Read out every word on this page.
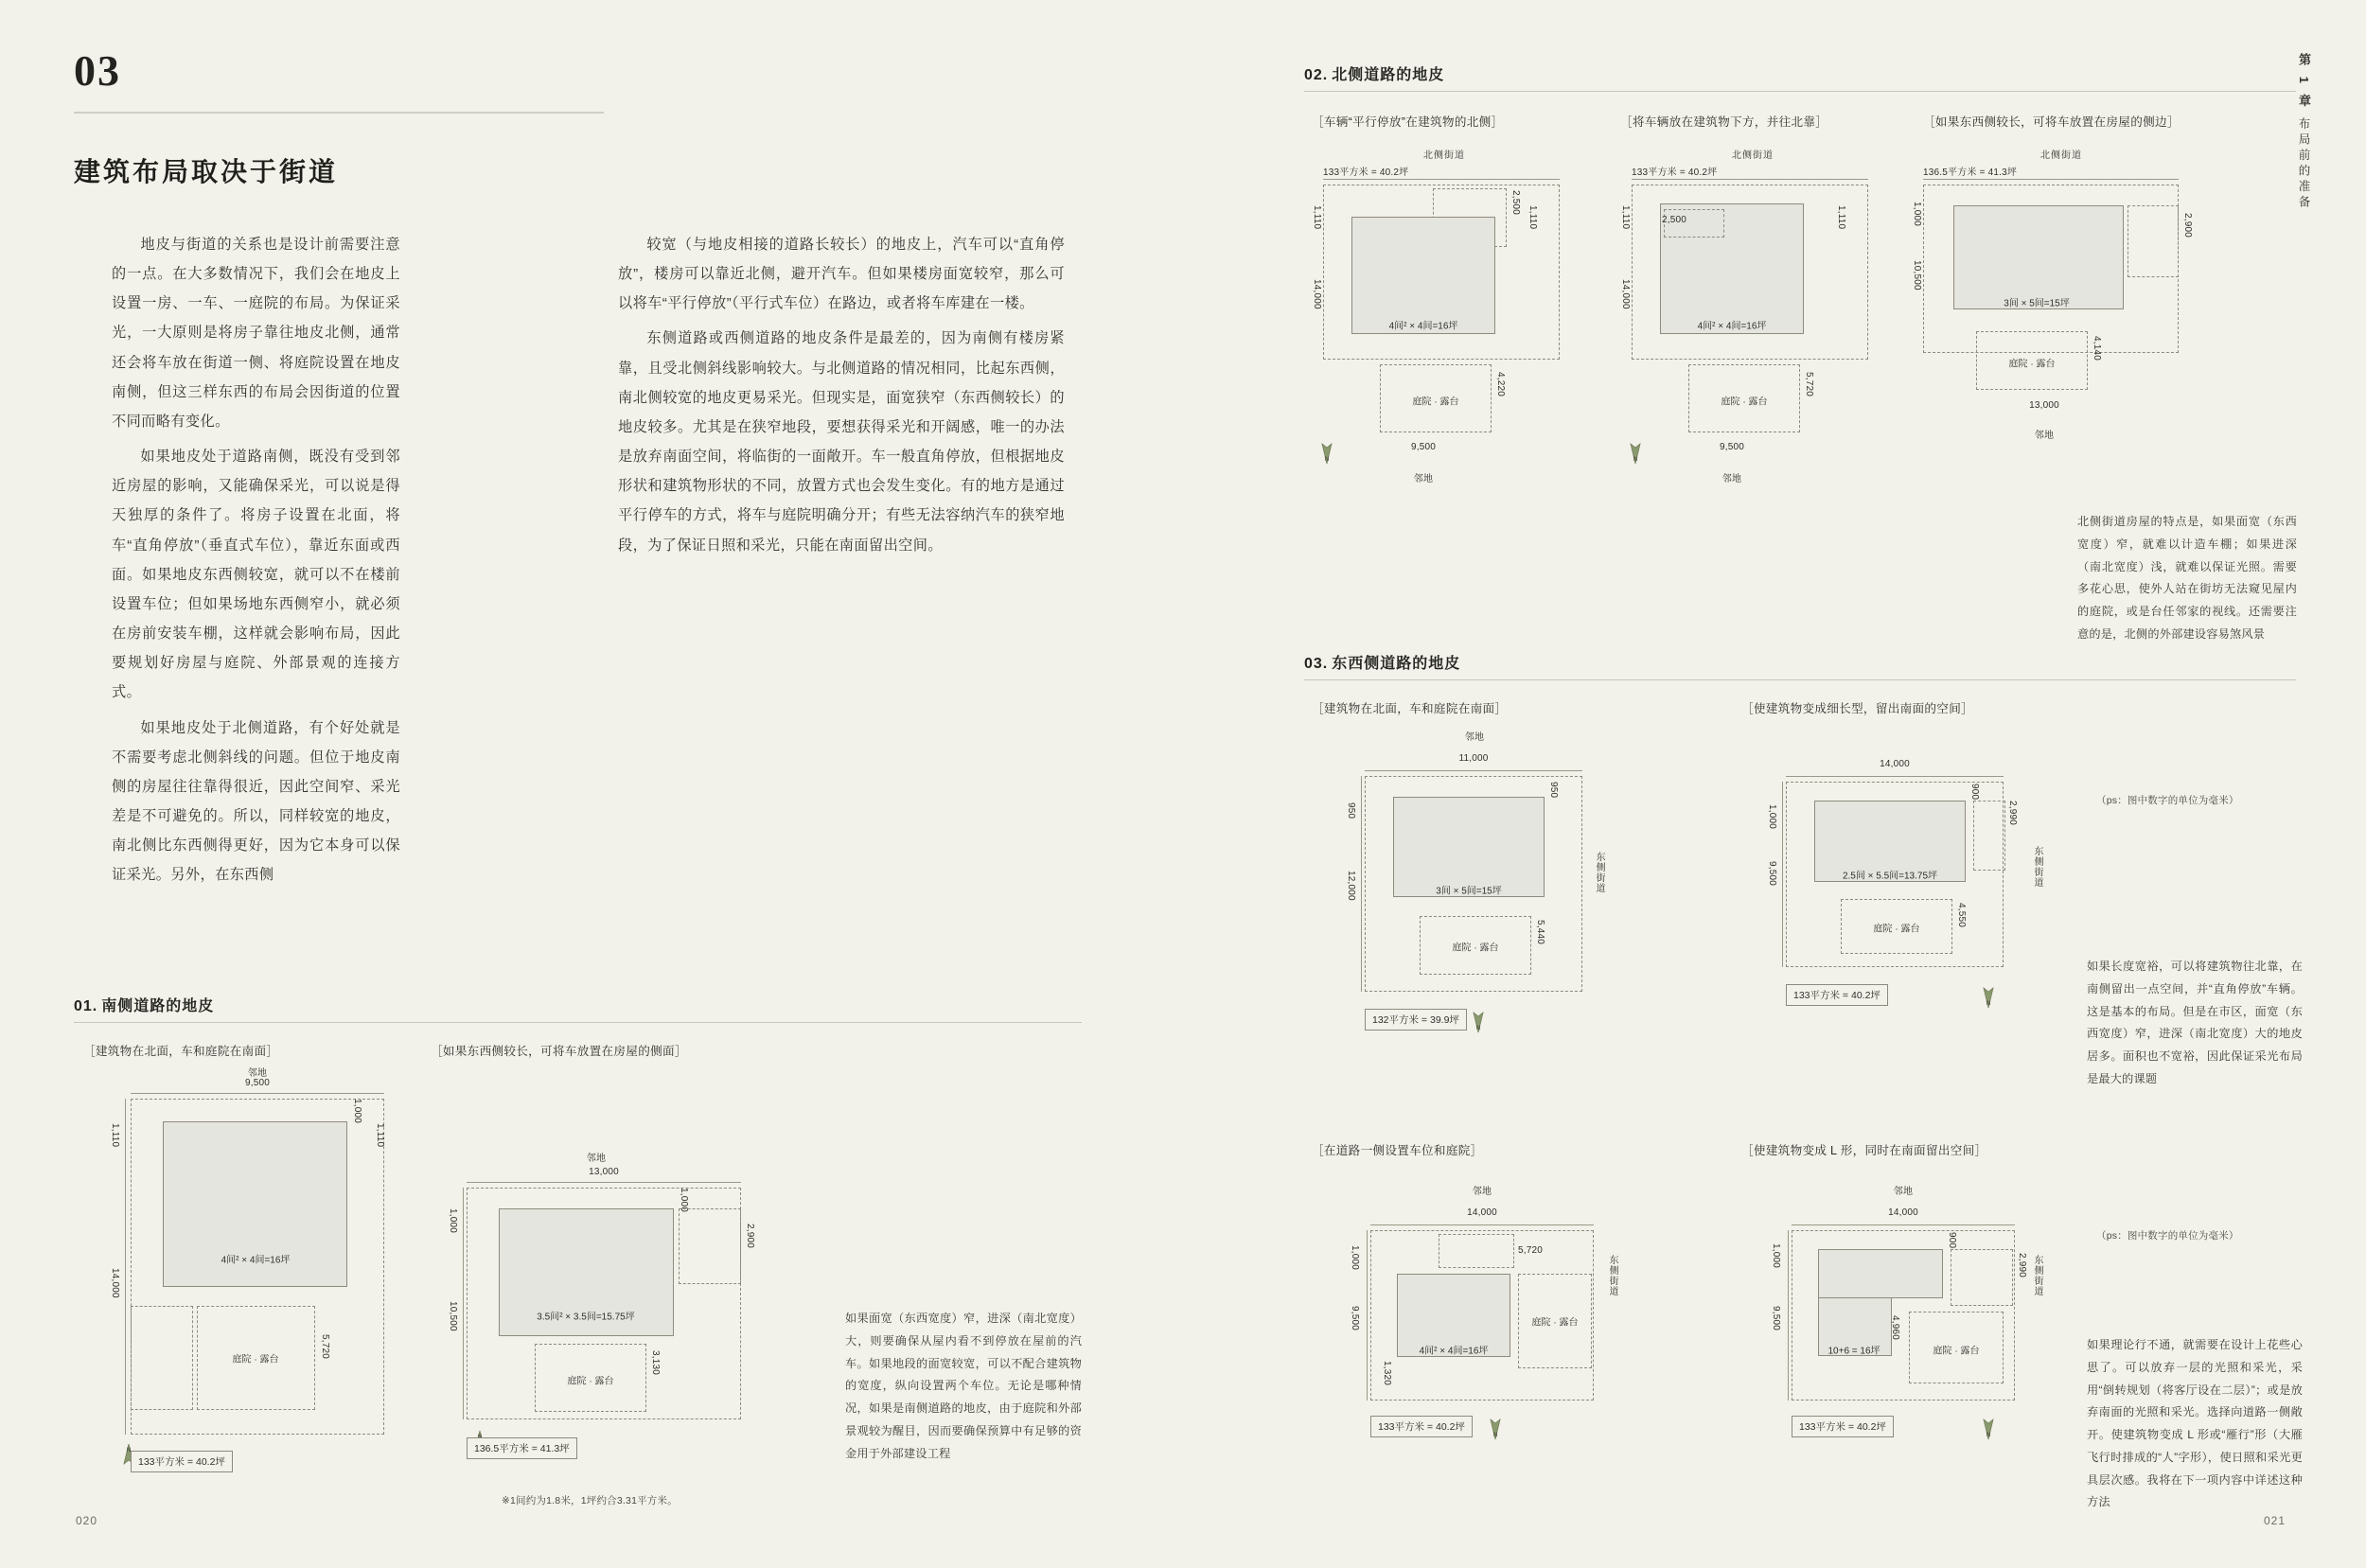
03
建筑布局取决于街道

地皮与街道的关系也是设计前需要注意的一点。在大多数情况下，我们会在地皮上设置一房、一车、一庭院的布局。为保证采光，一大原则是将房子靠往地皮北侧，通常还会将车放在街道一侧、将庭院设置在地皮南侧，但这三样东西的布局会因街道的位置不同而略有变化。

如果地皮处于道路南侧，既没有受到邻近房屋的影响，又能确保采光，可以说是得天独厚的条件了。将房子设置在北面，将车“直角停放”（垂直式车位），靠近东面或西面。如果地皮东西侧较宽，就可以不在楼前设置车位；但如果场地东西侧窄小，就必须在房前安装车棚，这样就会影响布局，因此要规划好房屋与庭院、外部景观的连接方式。

如果地皮处于北侧道路，有个好处就是不需要考虑北侧斜线的问题。但位于地皮南侧的房屋往往靠得很近，因此空间窄、采光差是不可避免的。所以，同样较宽的地皮，南北侧比东西侧得更好，因为它本身可以保证采光。另外，在东西侧

较宽（与地皮相接的道路长较长）的地皮上，汽车可以“直角停放”，楼房可以靠近北侧，避开汽车。但如果楼房面宽较窄，那么可以将车“平行停放”（平行式车位）在路边，或者将车库建在一楼。

东侧道路或西侧道路的地皮条件是最差的，因为南侧有楼房紧靠，且受北侧斜线影响较大。与北侧道路的情况相同，比起东西侧，南北侧较宽的地皮更易采光。但现实是，面宽狭窄（东西侧较长）的地皮较多。尤其是在狭窄地段，要想获得采光和开阔感，唯一的办法是放弃南面空间，将临街的一面敞开。车一般直角停放，但根据地皮形状和建筑物形状的不同，放置方式也会发生变化。有的地方是通过平行停车的方式，将车与庭院明确分开；有些无法容纳汽车的狭窄地段，为了保证日照和采光，只能在南面留出空间。

01. 南侧道路的地皮
［建筑物在北面，车和庭院在南面］	［如果东西侧较长，可将车放置在房屋的侧面］
邻地
9,500
4间² × 4间=16坪
1,000
1,110
14,000
1,110
庭院 · 露台
5,720
N
133平方米 = 40.2坪
邻地
13,000
3.5间² × 3.5间=15.75坪
1,000
1,000
10,500
2,900
庭院 · 露台
3,130
136.5平方米 = 41.3坪
如果面宽（东西宽度）窄，进深（南北宽度）大，则要确保从屋内看不到停放在屋前的汽车。如果地段的面宽较宽，可以不配合建筑物的宽度，纵向设置两个车位。无论是哪种情况，如果是南侧道路的地皮，由于庭院和外部景观较为醒目，因而要确保预算中有足够的资金用于外部建设工程
※1间约为1.8米，1坪约合3.31平方米。
020
第 1 章 布局前的准备
02. 北侧道路的地皮
［车辆“平行停放”在建筑物的北侧］	［将车辆放在建筑物下方，并往北靠］	［如果东西侧较长，可将车放置在房屋的侧边］
北侧街道
133平方米 = 40.2坪
2,500
4间² × 4间=16坪
1,110	1,110
14,000
庭院 · 露台
4,220
9,500
邻地
N
北侧街道
133平方米 = 40.2坪
2,500
4间² × 4间=16坪
1,110	1,110
14,000
庭院 · 露台
5,720
9,500
邻地
N
北侧街道
136.5平方米 = 41.3坪
3间 × 5间=15坪
2,900
1,000
10,500
庭院 · 露台
4,140
13,000
邻地
北侧街道房屋的特点是，如果面宽（东西宽度）窄，就难以计造车棚；如果进深（南北宽度）浅，就难以保证光照。需要多花心思，使外人站在街坊无法窥见屋内的庭院，或是台任邻家的视线。还需要注意的是，北侧的外部建设容易煞风景
03. 东西侧道路的地皮
［建筑物在北面，车和庭院在南面］	［使建筑物变成细长型，留出南面的空间］
［在道路一侧设置车位和庭院］	［使建筑物变成 L 形，同时在南面留出空间］
（ps：图中数字的单位为毫米）
（ps：图中数字的单位为毫米）
邻地
11,000
3间 × 5间=15坪
950
950
12,000	东侧街道
庭院 · 露台
5,440
N
132平方米 = 39.9坪
14,000
2.5间 × 5.5间=13.75坪
900
2,990
1,000
9,500	东侧街道
庭院 · 露台
4,550
N
133平方米 = 40.2坪
如果长度宽裕，可以将建筑物往北靠，在南侧留出一点空间，并“直角停放”车辆。这是基本的布局。但是在市区，面宽（东西宽度）窄，进深（南北宽度）大的地皮居多。面积也不宽裕，因此保证采光布局是最大的课题
邻地
14,000
4间² × 4间=16坪
5,720
1,000
9,500	庭院 · 露台
1,320
东侧街道
N
133平方米 = 40.2坪
邻地
14,000
10+6 = 16坪
900
2,990
1,000
9,500
庭院 · 露台
4,960
东侧街道
N
133平方米 = 40.2坪
如果理论行不通，就需要在设计上花些心思了。可以放弃一层的光照和采光，采用“倒转规划（将客厅设在二层）”；或是放弃南面的光照和采光。选择向道路一侧敞开。使建筑物变成 L 形或“雁行”形（大雁飞行时排成的“人”字形），使日照和采光更具层次感。我将在下一项内容中详述这种方法
021
